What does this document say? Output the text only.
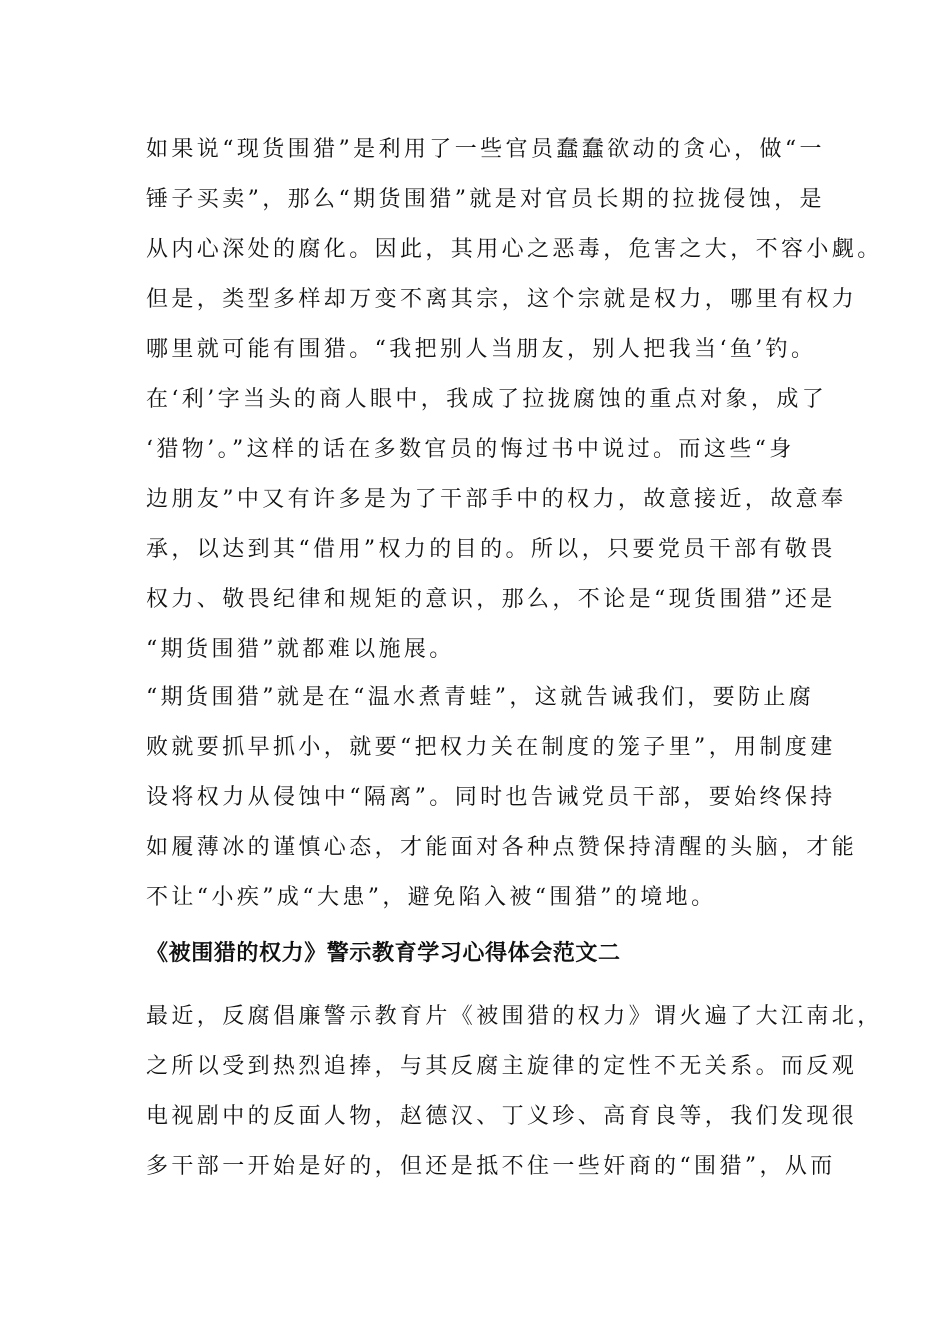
如果说“现货围猎”是利用了一些官员蠢蠢欲动的贪心，做“一
锤子买卖”，那么“期货围猎”就是对官员长期的拉拢侵蚀，是
从内心深处的腐化。因此，其用心之恶毒，危害之大，不容小觑。
但是，类型多样却万变不离其宗，这个宗就是权力，哪里有权力
哪里就可能有围猎。“我把别人当朋友，别人把我当‘鱼’钓。
在‘利’字当头的商人眼中，我成了拉拢腐蚀的重点对象，成了
‘猎物’。”这样的话在多数官员的悔过书中说过。而这些“身
边朋友”中又有许多是为了干部手中的权力，故意接近，故意奉
承，以达到其“借用”权力的目的。所以，只要党员干部有敬畏
权力、敬畏纪律和规矩的意识，那么，不论是“现货围猎”还是
“期货围猎”就都难以施展。
“期货围猎”就是在“温水煮青蛙”，这就告诫我们，要防止腐
败就要抓早抓小，就要“把权力关在制度的笼子里”，用制度建
设将权力从侵蚀中“隔离”。同时也告诫党员干部，要始终保持
如履薄冰的谨慎心态，才能面对各种点赞保持清醒的头脑，才能
不让“小疾”成“大患”，避免陷入被“围猎”的境地。
《被围猎的权力》警示教育学习心得体会范文二
最近，反腐倡廉警示教育片《被围猎的权力》谓火遍了大江南北，
之所以受到热烈追捧，与其反腐主旋律的定性不无关系。而反观
电视剧中的反面人物，赵德汉、丁义珍、高育良等，我们发现很
多干部一开始是好的，但还是抵不住一些奸商的“围猎”，从而
